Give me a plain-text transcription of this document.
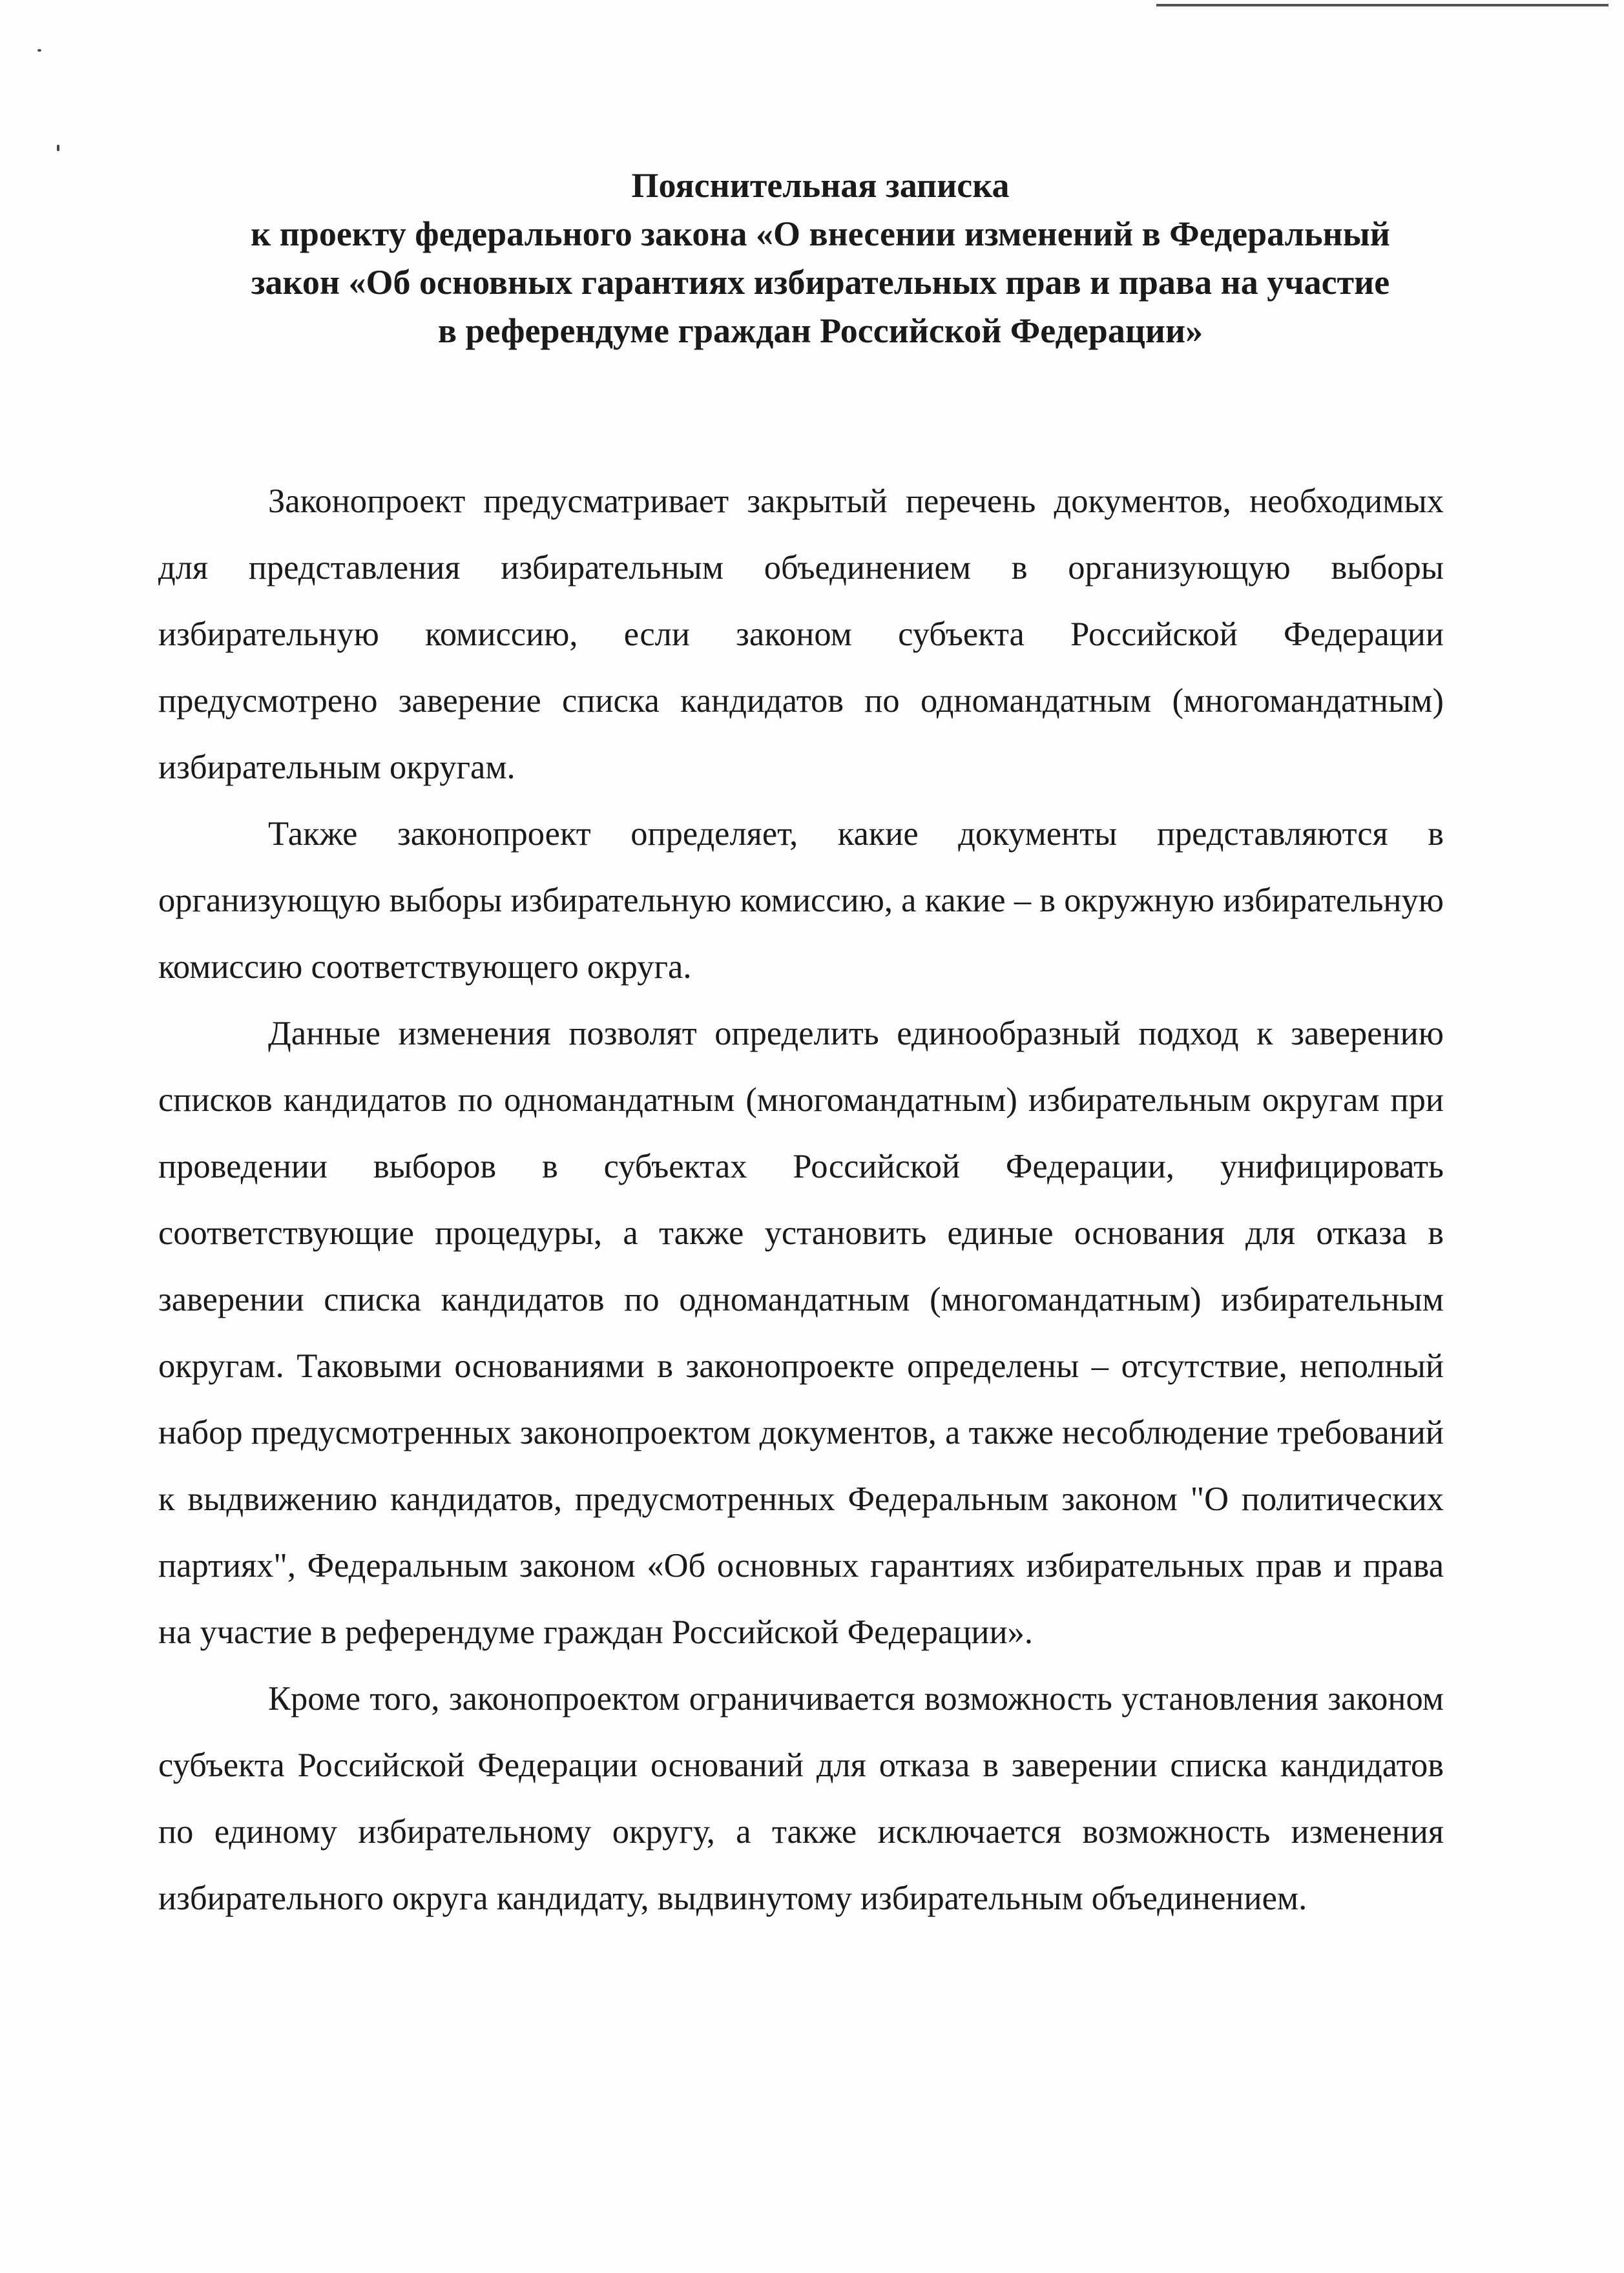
Пояснительная записка
к проекту федерального закона «О внесении изменений в Федеральный
закон «Об основных гарантиях избирательных прав и права на участие
в референдуме граждан Российской Федерации»

Законопроект предусматривает закрытый перечень документов, необходимых для представления избирательным объединением в организующую выборы избирательную комиссию, если законом субъекта Российской Федерации предусмотрено заверение списка кандидатов по одномандатным (многомандатным) избирательным округам.

Также законопроект определяет, какие документы представляются в организующую выборы избирательную комиссию, а какие – в окружную избирательную комиссию соответствующего округа.

Данные изменения позволят определить единообразный подход к заверению списков кандидатов по одномандатным (многомандатным) избирательным округам при проведении выборов в субъектах Российской Федерации, унифицировать соответствующие процедуры, а также установить единые основания для отказа в заверении списка кандидатов по одномандатным (многомандатным) избирательным округам. Таковыми основаниями в законопроекте определены – отсутствие, неполный набор предусмотренных законопроектом документов, а также несоблюдение требований к выдвижению кандидатов, предусмотренных Федеральным законом "О политических партиях", Федеральным законом «Об основных гарантиях избирательных прав и права на участие в референдуме граждан Российской Федерации».

Кроме того, законопроектом ограничивается возможность установления законом субъекта Российской Федерации оснований для отказа в заверении списка кандидатов по единому избирательному округу, а также исключается возможность изменения избирательного округа кандидату, выдвинутому избирательным объединением.
